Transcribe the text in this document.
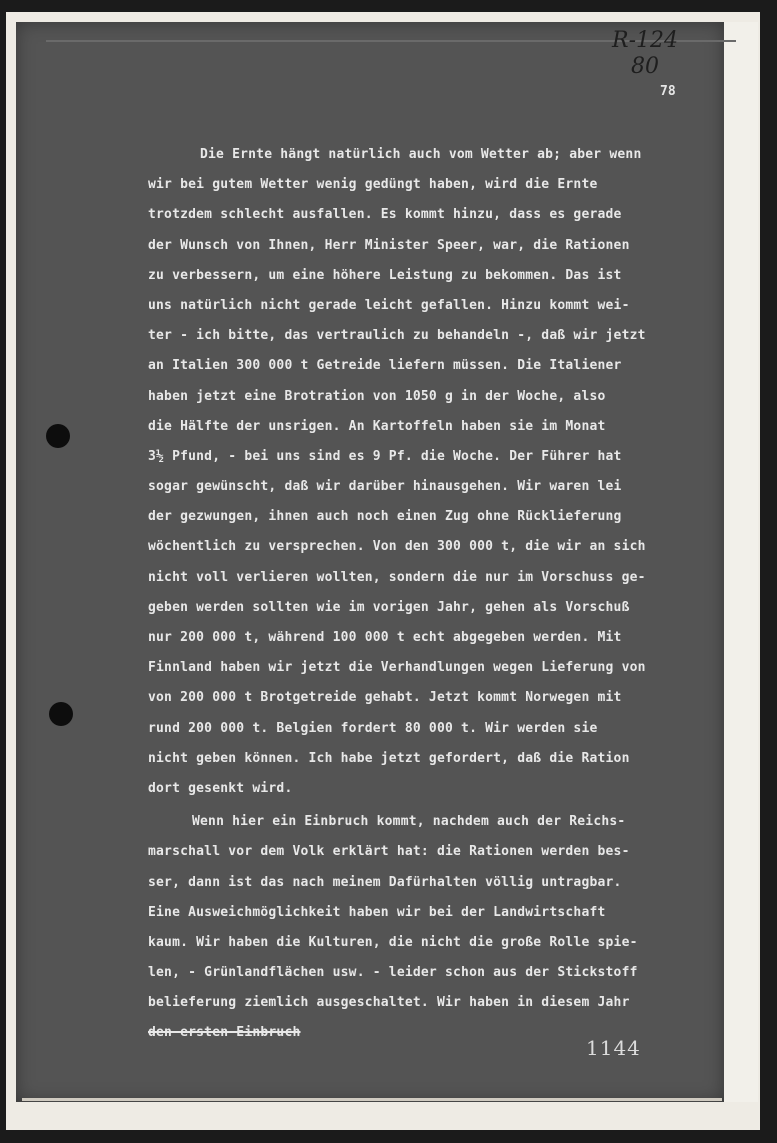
R-124
80
78
Die Ernte hängt natürlich auch vom Wetter ab; aber wenn
wir bei gutem Wetter wenig gedüngt haben, wird die Ernte
trotzdem schlecht ausfallen. Es kommt hinzu, dass es gerade
der Wunsch von Ihnen, Herr Minister Speer, war, die Rationen
zu verbessern, um eine höhere Leistung zu bekommen. Das ist
uns natürlich nicht gerade leicht gefallen. Hinzu kommt wei-
ter - ich bitte, das vertraulich zu behandeln -, daß wir jetzt
an Italien 300 000 t Getreide liefern müssen. Die Italiener
haben jetzt eine Brotration von 1050 g in der Woche, also
die Hälfte der unsrigen. An Kartoffeln haben sie im Monat
3½ Pfund, - bei uns sind es 9 Pf. die Woche. Der Führer hat
sogar gewünscht, daß wir darüber hinausgehen. Wir waren lei
der gezwungen, ihnen auch noch einen Zug ohne Rücklieferung
wöchentlich zu versprechen. Von den 300 000 t, die wir an sich
nicht voll verlieren wollten, sondern die nur im Vorschuss ge-
geben werden sollten wie im vorigen Jahr, gehen als Vorschuß
nur 200 000 t, während 100 000 t echt abgegeben werden. Mit
Finnland haben wir jetzt die Verhandlungen wegen Lieferung von
von 200 000 t Brotgetreide gehabt. Jetzt kommt Norwegen mit
rund 200 000 t. Belgien fordert 80 000 t. Wir werden sie
nicht geben können. Ich habe jetzt gefordert, daß die Ration
dort gesenkt wird.
Wenn hier ein Einbruch kommt, nachdem auch der Reichs-
marschall vor dem Volk erklärt hat: die Rationen werden bes-
ser, dann ist das nach meinem Dafürhalten völlig untragbar.
Eine Ausweichmöglichkeit haben wir bei der Landwirtschaft
kaum. Wir haben die Kulturen, die nicht die große Rolle spie-
len, - Grünlandflächen usw. - leider schon aus der Stickstoff
belieferung ziemlich ausgeschaltet. Wir haben in diesem Jahr
den ersten Einbruch
1144
